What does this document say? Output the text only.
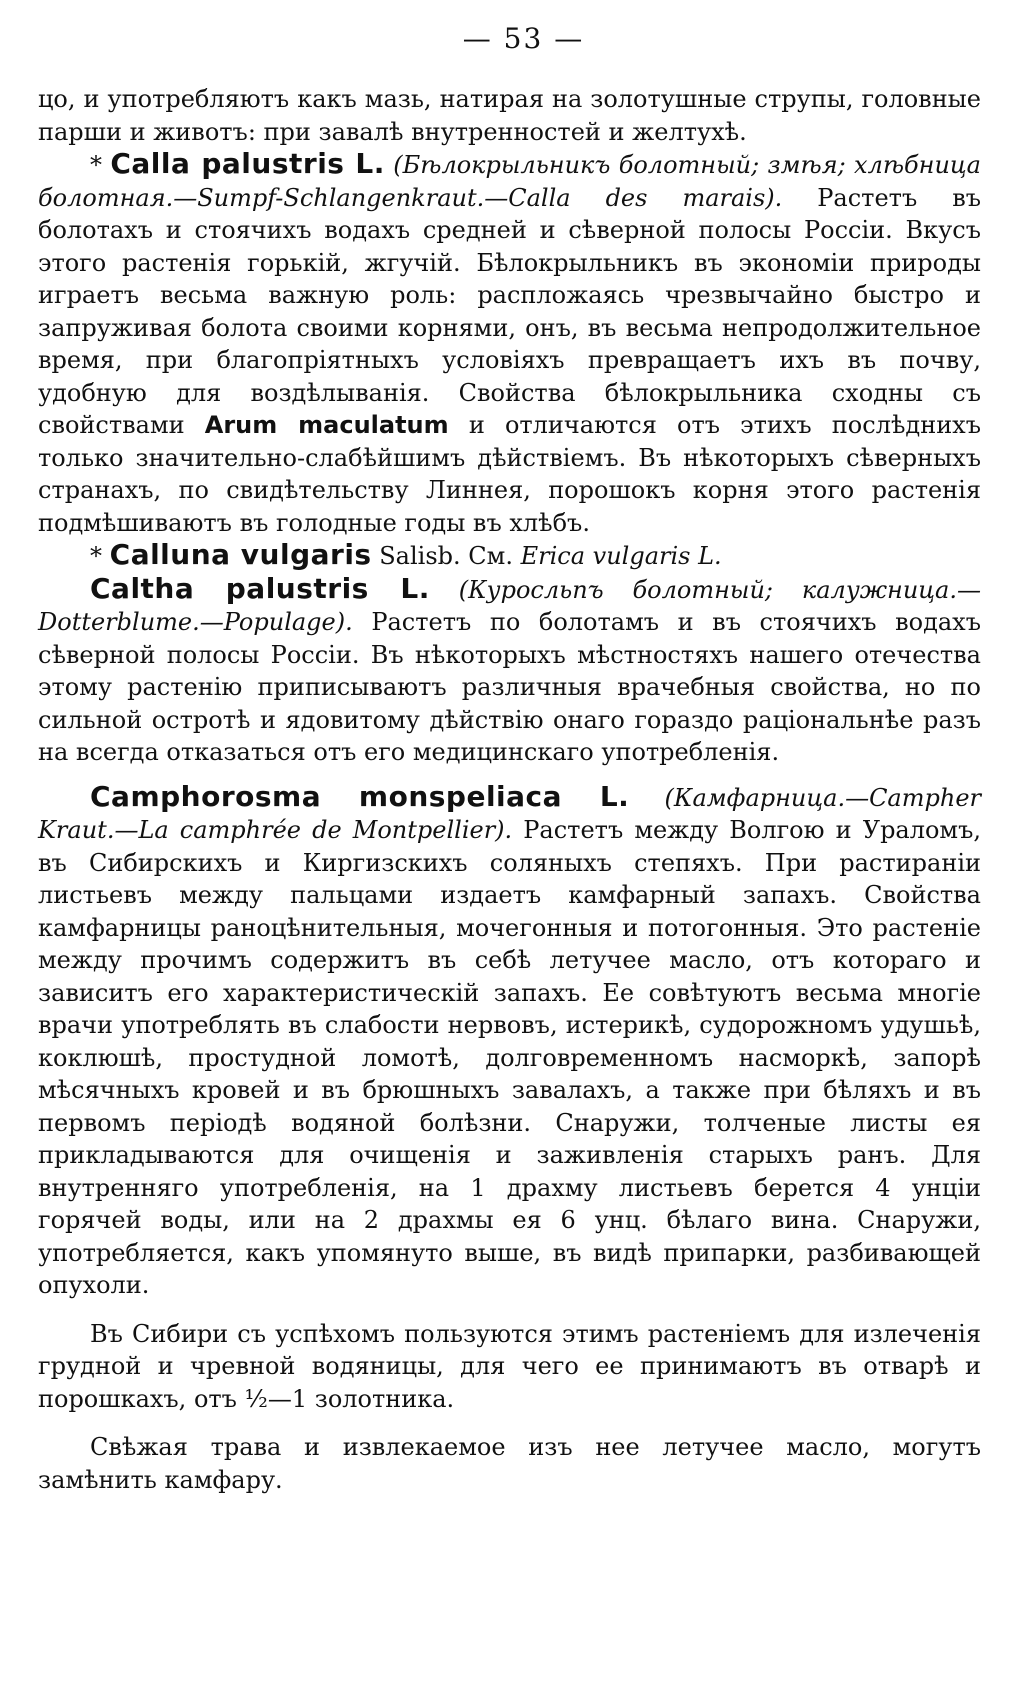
— 53 —

цо, и употребляютъ какъ мазь, натирая на золотушные струпы, головные парши и животъ: при завалѣ внутренностей и желтухѣ.

* Calla palustris L. (Бѣлокрыльникъ болотный; змѣя; хлѣбница болотная.—Sumpf-Schlangenkraut.—Calla des marais). Растетъ въ болотахъ и стоячихъ водахъ средней и сѣверной полосы Россіи. Вкусъ этого растенія горькій, жгучій. Бѣлокрыльникъ въ экономіи природы играетъ весьма важную роль: распложаясь чрезвычайно быстро и запруживая болота своими корнями, онъ, въ весьма непродолжительное время, при благопріятныхъ условіяхъ превращаетъ ихъ въ почву, удобную для воздѣлыванія. Свойства бѣлокрыльника сходны съ свойствами Arum maculatum и отличаются отъ этихъ послѣднихъ только значительно-слабѣйшимъ дѣйствіемъ. Въ нѣкоторыхъ сѣверныхъ странахъ, по свидѣтельству Линнея, порошокъ корня этого растенія подмѣшиваютъ въ голодные годы въ хлѣбъ.

* Calluna vulgaris Salisb. См. Erica vulgaris L.

Caltha palustris L. (Куросльпъ болотный; калужница.—Dotterblume.—Populage). Растетъ по болотамъ и въ стоячихъ водахъ сѣверной полосы Россіи. Въ нѣкоторыхъ мѣстностяхъ нашего отечества этому растенію приписываютъ различныя врачебныя свойства, но по сильной остротѣ и ядовитому дѣйствію онаго гораздо раціональнѣе разъ на всегда отказаться отъ его медицинскаго употребленія.

Camphorosma monspeliaca L. (Камфарница.—Campher Kraut.—La camphrée de Montpellier). Растетъ между Волгою и Ураломъ, въ Сибирскихъ и Киргизскихъ соляныхъ степяхъ. При растираніи листьевъ между пальцами издаетъ камфарный запахъ. Свойства камфарницы раноцѣнительныя, мочегонныя и потогонныя. Это растеніе между прочимъ содержитъ въ себѣ летучее масло, отъ котораго и зависитъ его характеристическій запахъ. Ее совѣтуютъ весьма многіе врачи употреблять въ слабости нервовъ, истерикѣ, судорожномъ удушьѣ, коклюшѣ, простудной ломотѣ, долговременномъ насморкѣ, запорѣ мѣсячныхъ кровей и въ брюшныхъ завалахъ, а также при бѣляхъ и въ первомъ періодѣ водяной болѣзни. Снаружи, толченые листы ея прикладываются для очищенія и заживленія старыхъ ранъ. Для внутренняго употребленія, на 1 драхму листьевъ берется 4 унціи горячей воды, или на 2 драхмы ея 6 унц. бѣлаго вина. Снаружи, употребляется, какъ упомянуто выше, въ видѣ припарки, разбивающей опухоли.

Въ Сибири съ успѣхомъ пользуются этимъ растеніемъ для излеченія грудной и чревной водяницы, для чего ее принимаютъ въ отварѣ и порошкахъ, отъ ½—1 золотника.

Свѣжая трава и извлекаемое изъ нее летучее масло, могутъ замѣнить камфару.
